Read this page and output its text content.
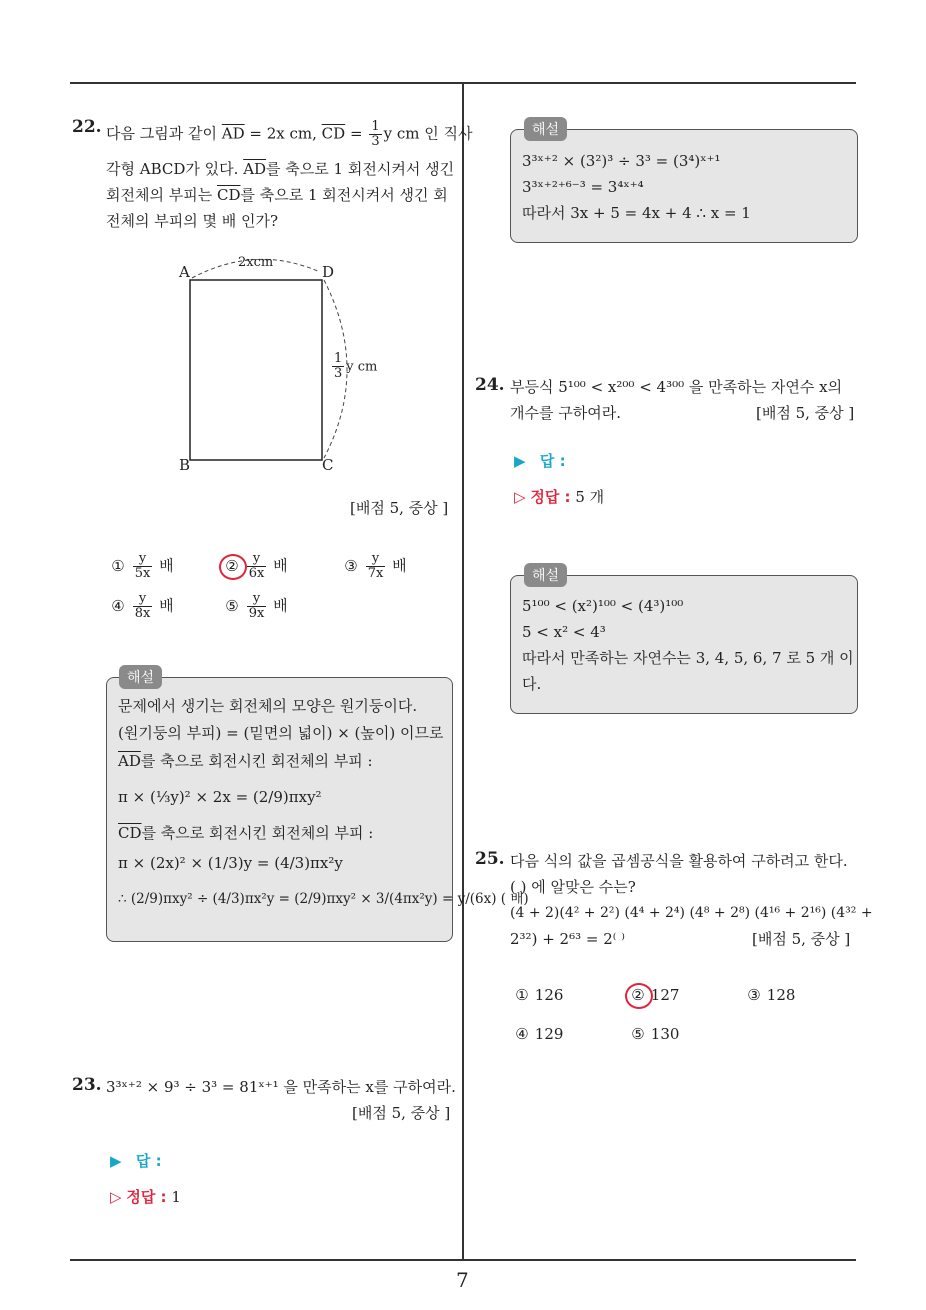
7
22. 다음 그림과 같이 $\overline{AD} = 2x$ cm, $\overline{CD} = \frac{1}{3}$ y cm 인 직사
각형 ABCD가 있다. $\overline{AD}$를 축으로 1 회전시켜서 생긴
회전체의 부피는 $\overline{CD}$를 축으로 1 회전시켜서 생긴 회
전체의 부피의 몇 배 인가?
A	D
B	C
2xcm
$\frac{1}{3}$ y cm
[배점 5, 중상 ]
① $\frac{y}{5x}$ 배	② $\frac{y}{6x}$ 배	③ $\frac{y}{7x}$ 배
④ $\frac{y}{8x}$ 배	⑤ $\frac{y}{9x}$ 배
해설
문제에서 생기는 회전체의 모양은 원기둥이다.
(원기둥의 부피) = (밑면의 넓이) × (높이) 이므로
$\overline{AD}$를 축으로 회전시킨 회전체의 부피 :
π × (⅓y)² × 2x = (2/9)πxy²
$\overline{CD}$를 축으로 회전시킨 회전체의 부피 :
π × (2x)² × (1/3)y = (4/3)πx²y
∴ (2/9)πxy² ÷ (4/3)πx²y = (2/9)πxy² × 3/(4πx²y) = y/(6x) ( 배)
23. 3³ˣ⁺² × 9³ ÷ 3³ = 81ˣ⁺¹ 을 만족하는 x를 구하여라.
[배점 5, 중상 ]
▶ 답 :
▷ 정답 : 1
해설
3³ˣ⁺² × (3²)³ ÷ 3³ = (3⁴)ˣ⁺¹
3³ˣ⁺²⁺⁶⁻³ = 3⁴ˣ⁺⁴
따라서 3x + 5 = 4x + 4 ∴ x = 1
24. 부등식 5¹⁰⁰ < x²⁰⁰ < 4³⁰⁰ 을 만족하는 자연수 x의
개수를 구하여라.	[배점 5, 중상 ]
▶ 답 :
▷ 정답 : 5 개
해설
5¹⁰⁰ < (x²)¹⁰⁰ < (4³)¹⁰⁰
5 < x² < 4³
따라서 만족하는 자연수는 3, 4, 5, 6, 7 로 5 개 이
다.
25. 다음 식의 값을 곱셈공식을 활용하여 구하려고 한다.
( ) 에 알맞은 수는?
(4 + 2)(4² + 2²) (4⁴ + 2⁴) (4⁸ + 2⁸) (4¹⁶ + 2¹⁶) (4³² +
2³²) + 2⁶³ = 2⁽ ⁾	[배점 5, 중상 ]
① 126	② 127	③ 128
④ 129	⑤ 130
